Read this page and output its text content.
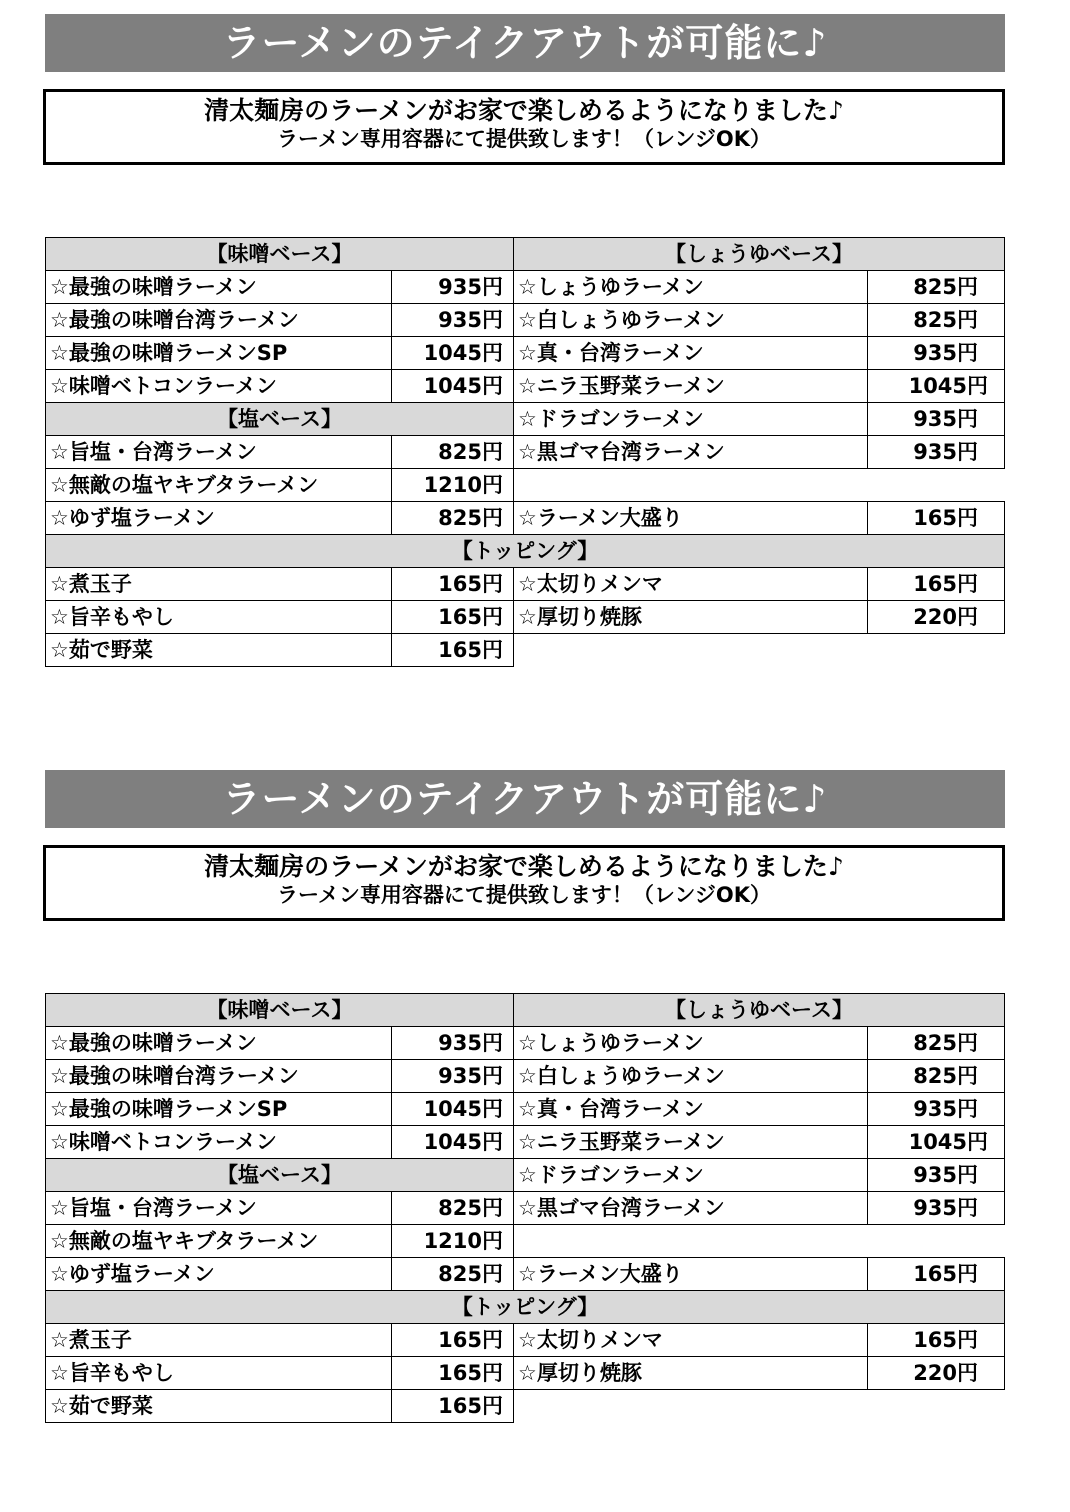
ラーメンのテイクアウトが可能に♪
清太麺房のラーメンがお家で楽しめるようになりました♪
ラーメン専用容器にて提供致します！（レンジOK）
【味噌ベース】		【しょうゆベース】	
☆最強の味噌ラーメン	935円	☆しょうゆラーメン	825円
☆最強の味噌台湾ラーメン	935円	☆白しょうゆラーメン	825円
☆最強の味噌ラーメンSP	1045円	☆真・台湾ラーメン	935円
☆味噌ベトコンラーメン	1045円	☆ニラ玉野菜ラーメン	1045円
【塩ベース】		☆ドラゴンラーメン	935円
☆旨塩・台湾ラーメン	825円	☆黒ゴマ台湾ラーメン	935円
☆無敵の塩ヤキブタラーメン	1210円		
☆ゆず塩ラーメン	825円	☆ラーメン大盛り	165円
【トッピング】			
☆煮玉子	165円	☆太切りメンマ	165円
☆旨辛もやし	165円	☆厚切り焼豚	220円
☆茹で野菜	165円		
ラーメンのテイクアウトが可能に♪
清太麺房のラーメンがお家で楽しめるようになりました♪
ラーメン専用容器にて提供致します！（レンジOK）
【味噌ベース】		【しょうゆベース】	
☆最強の味噌ラーメン	935円	☆しょうゆラーメン	825円
☆最強の味噌台湾ラーメン	935円	☆白しょうゆラーメン	825円
☆最強の味噌ラーメンSP	1045円	☆真・台湾ラーメン	935円
☆味噌ベトコンラーメン	1045円	☆ニラ玉野菜ラーメン	1045円
【塩ベース】		☆ドラゴンラーメン	935円
☆旨塩・台湾ラーメン	825円	☆黒ゴマ台湾ラーメン	935円
☆無敵の塩ヤキブタラーメン	1210円		
☆ゆず塩ラーメン	825円	☆ラーメン大盛り	165円
【トッピング】			
☆煮玉子	165円	☆太切りメンマ	165円
☆旨辛もやし	165円	☆厚切り焼豚	220円
☆茹で野菜	165円		
